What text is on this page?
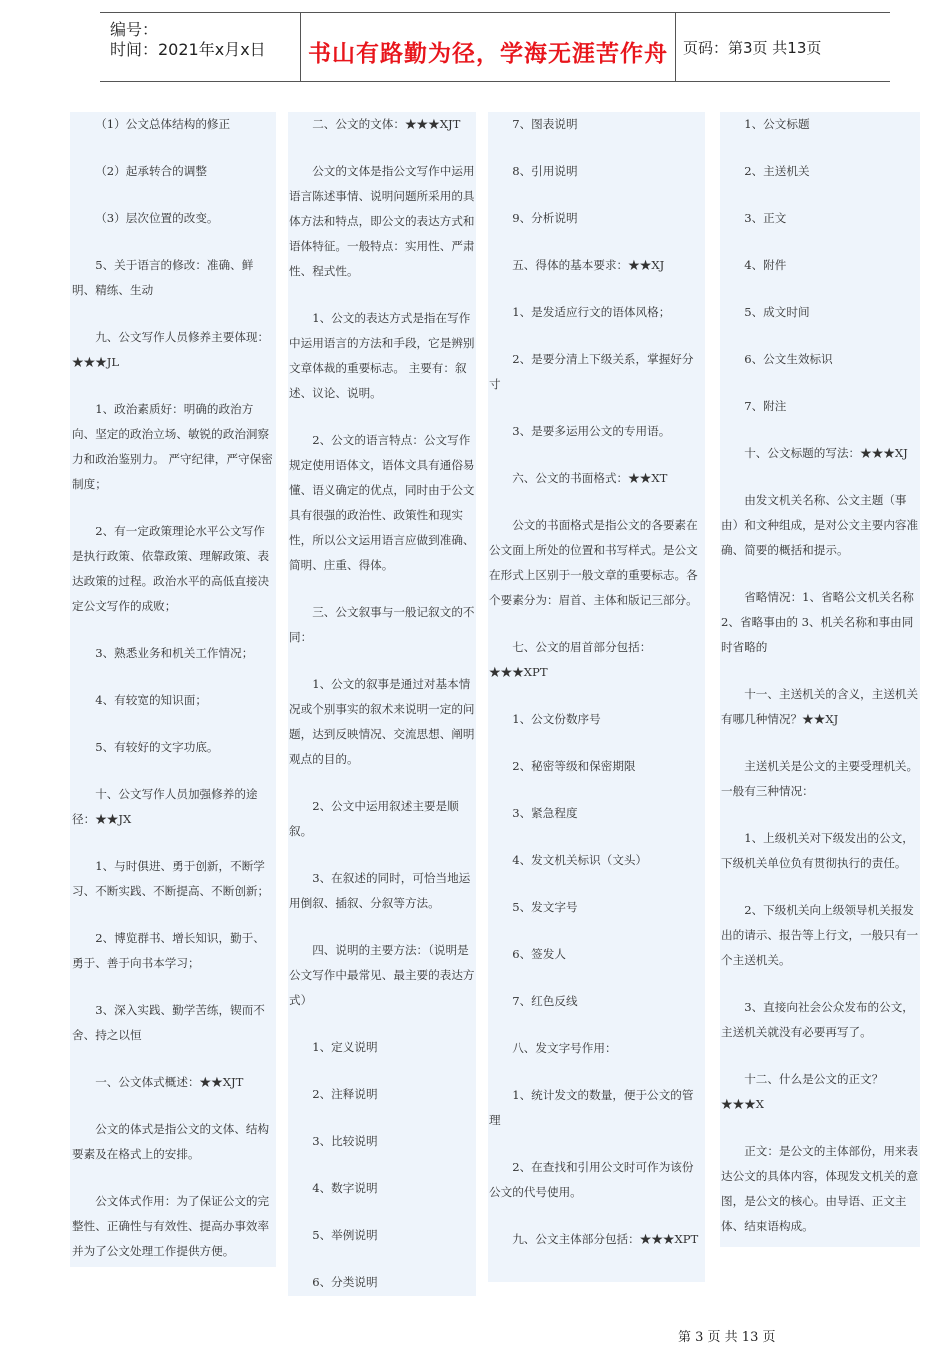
编号：
时间：2021年x月x日	书山有路勤为径，学海无涯苦作舟	页码：第3页 共13页

（1）公文总体结构的修正

（2）起承转合的调整

（3）层次位置的改变。

5、关于语言的修改：准确、鲜明、精练、生动

九、公文写作人员修养主要体现：★★★JL

1、政治素质好：明确的政治方向、坚定的政治立场、敏锐的政治洞察力和政治鉴别力。 严守纪律，严守保密制度；

2、有一定政策理论水平公文写作是执行政策、依靠政策、理解政策、表达政策的过程。政治水平的高低直接决定公文写作的成败；

3、熟悉业务和机关工作情况；

4、有较宽的知识面；

5、有较好的文字功底。

十、公文写作人员加强修养的途径：★★JX

1、与时俱进、勇于创新，不断学习、不断实践、不断提高、不断创新；

2、博览群书、增长知识，勤于、勇于、善于向书本学习；

3、深入实践、勤学苦练，锲而不舍、持之以恒

一、公文体式概述：★★XJT

公文的体式是指公文的文体、结构要素及在格式上的安排。

公文体式作用：为了保证公文的完整性、正确性与有效性、提高办事效率并为了公文处理工作提供方便。

二、公文的文体：★★★XJT

公文的文体是指公文写作中运用语言陈述事情、说明问题所采用的具体方法和特点，即公文的表达方式和语体特征。一般特点：实用性、严肃性、程式性。

1、公文的表达方式是指在写作中运用语言的方法和手段，它是辨别文章体裁的重要标志。 主要有：叙述、议论、说明。

2、公文的语言特点：公文写作规定使用语体文，语体文具有通俗易懂、语义确定的优点，同时由于公文具有很强的政治性、政策性和现实性，所以公文运用语言应做到准确、简明、庄重、得体。

三、公文叙事与一般记叙文的不同：

1、公文的叙事是通过对基本情况或个别事实的叙术来说明一定的问题，达到反映情况、交流思想、阐明观点的目的。

2、公文中运用叙述主要是顺叙。

3、在叙述的同时，可恰当地运用倒叙、插叙、分叙等方法。

四、说明的主要方法：（说明是公文写作中最常见、最主要的表达方式）

1、定义说明

2、注释说明

3、比较说明

4、数字说明

5、举例说明

6、分类说明

7、图表说明

8、引用说明

9、分析说明

五、得体的基本要求：★★XJ

1、是发适应行文的语体风格；

2、是要分清上下级关系，掌握好分寸

3、是要多运用公文的专用语。

六、公文的书面格式：★★XT

公文的书面格式是指公文的各要素在公文面上所处的位置和书写样式。是公文在形式上区别于一般文章的重要标志。各个要素分为：眉首、主体和版记三部分。

七、公文的眉首部分包括：★★★XPT

1、公文份数序号

2、秘密等级和保密期限

3、紧急程度

4、发文机关标识（文头）

5、发文字号

6、签发人

7、红色反线

八、发文字号作用：

1、统计发文的数量，便于公文的管理

2、在查找和引用公文时可作为该份公文的代号使用。

九、公文主体部分包括：★★★XPT

1、公文标题

2、主送机关

3、正文

4、附件

5、成文时间

6、公文生效标识

7、附注

十、公文标题的写法：★★★XJ

由发文机关名称、公文主题（事由）和文种组成，是对公文主要内容准确、简要的概括和提示。

省略情况：1、省略公文机关名称 2、省略事由的 3、机关名称和事由同时省略的

十一、主送机关的含义，主送机关有哪几种情况？★★XJ

主送机关是公文的主要受理机关。 一般有三种情况：

1、上级机关对下级发出的公文，下级机关单位负有贯彻执行的责任。

2、下级机关向上级领导机关报发出的请示、报告等上行文，一般只有一个主送机关。

3、直接向社会公众发布的公文，主送机关就没有必要再写了。

十二、什么是公文的正文？★★★X

正文：是公文的主体部份，用来表达公文的具体内容，体现发文机关的意图，是公文的核心。由导语、正文主体、结束语构成。

第 3 页 共 13 页
